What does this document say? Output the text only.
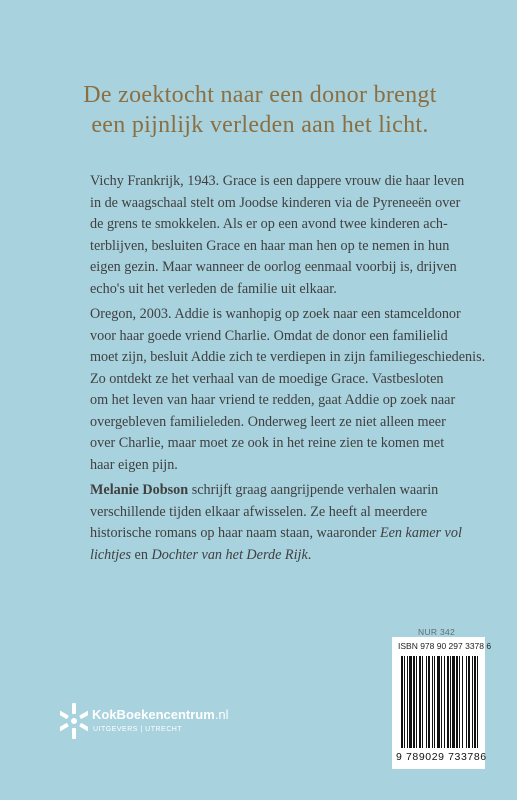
De zoektocht naar een donor brengt
een pijnlijk verleden aan het licht.
Vichy Frankrijk, 1943. Grace is een dappere vrouw die haar leven
in de waagschaal stelt om Joodse kinderen via de Pyreneeën over
de grens te smokkelen. Als er op een avond twee kinderen ach-
terblijven, besluiten Grace en haar man hen op te nemen in hun
eigen gezin. Maar wanneer de oorlog eenmaal voorbij is, drijven
echo's uit het verleden de familie uit elkaar.
Oregon, 2003. Addie is wanhopig op zoek naar een stamceldonor
voor haar goede vriend Charlie. Omdat de donor een familielid
moet zijn, besluit Addie zich te verdiepen in zijn familiegeschiedenis.
Zo ontdekt ze het verhaal van de moedige Grace. Vastbesloten
om het leven van haar vriend te redden, gaat Addie op zoek naar
overgebleven familieleden. Onderweg leert ze niet alleen meer
over Charlie, maar moet ze ook in het reine zien te komen met
haar eigen pijn.
Melanie Dobson schrijft graag aangrijpende verhalen waarin
verschillende tijden elkaar afwisselen. Ze heeft al meerdere
historische romans op haar naam staan, waaronder Een kamer vol
lichtjes en Dochter van het Derde Rijk.
KokBoekencentrum.nl
UITGEVERS | UTRECHT
NUR 342
ISBN 978 90 297 3378 6
9 789029 733786
